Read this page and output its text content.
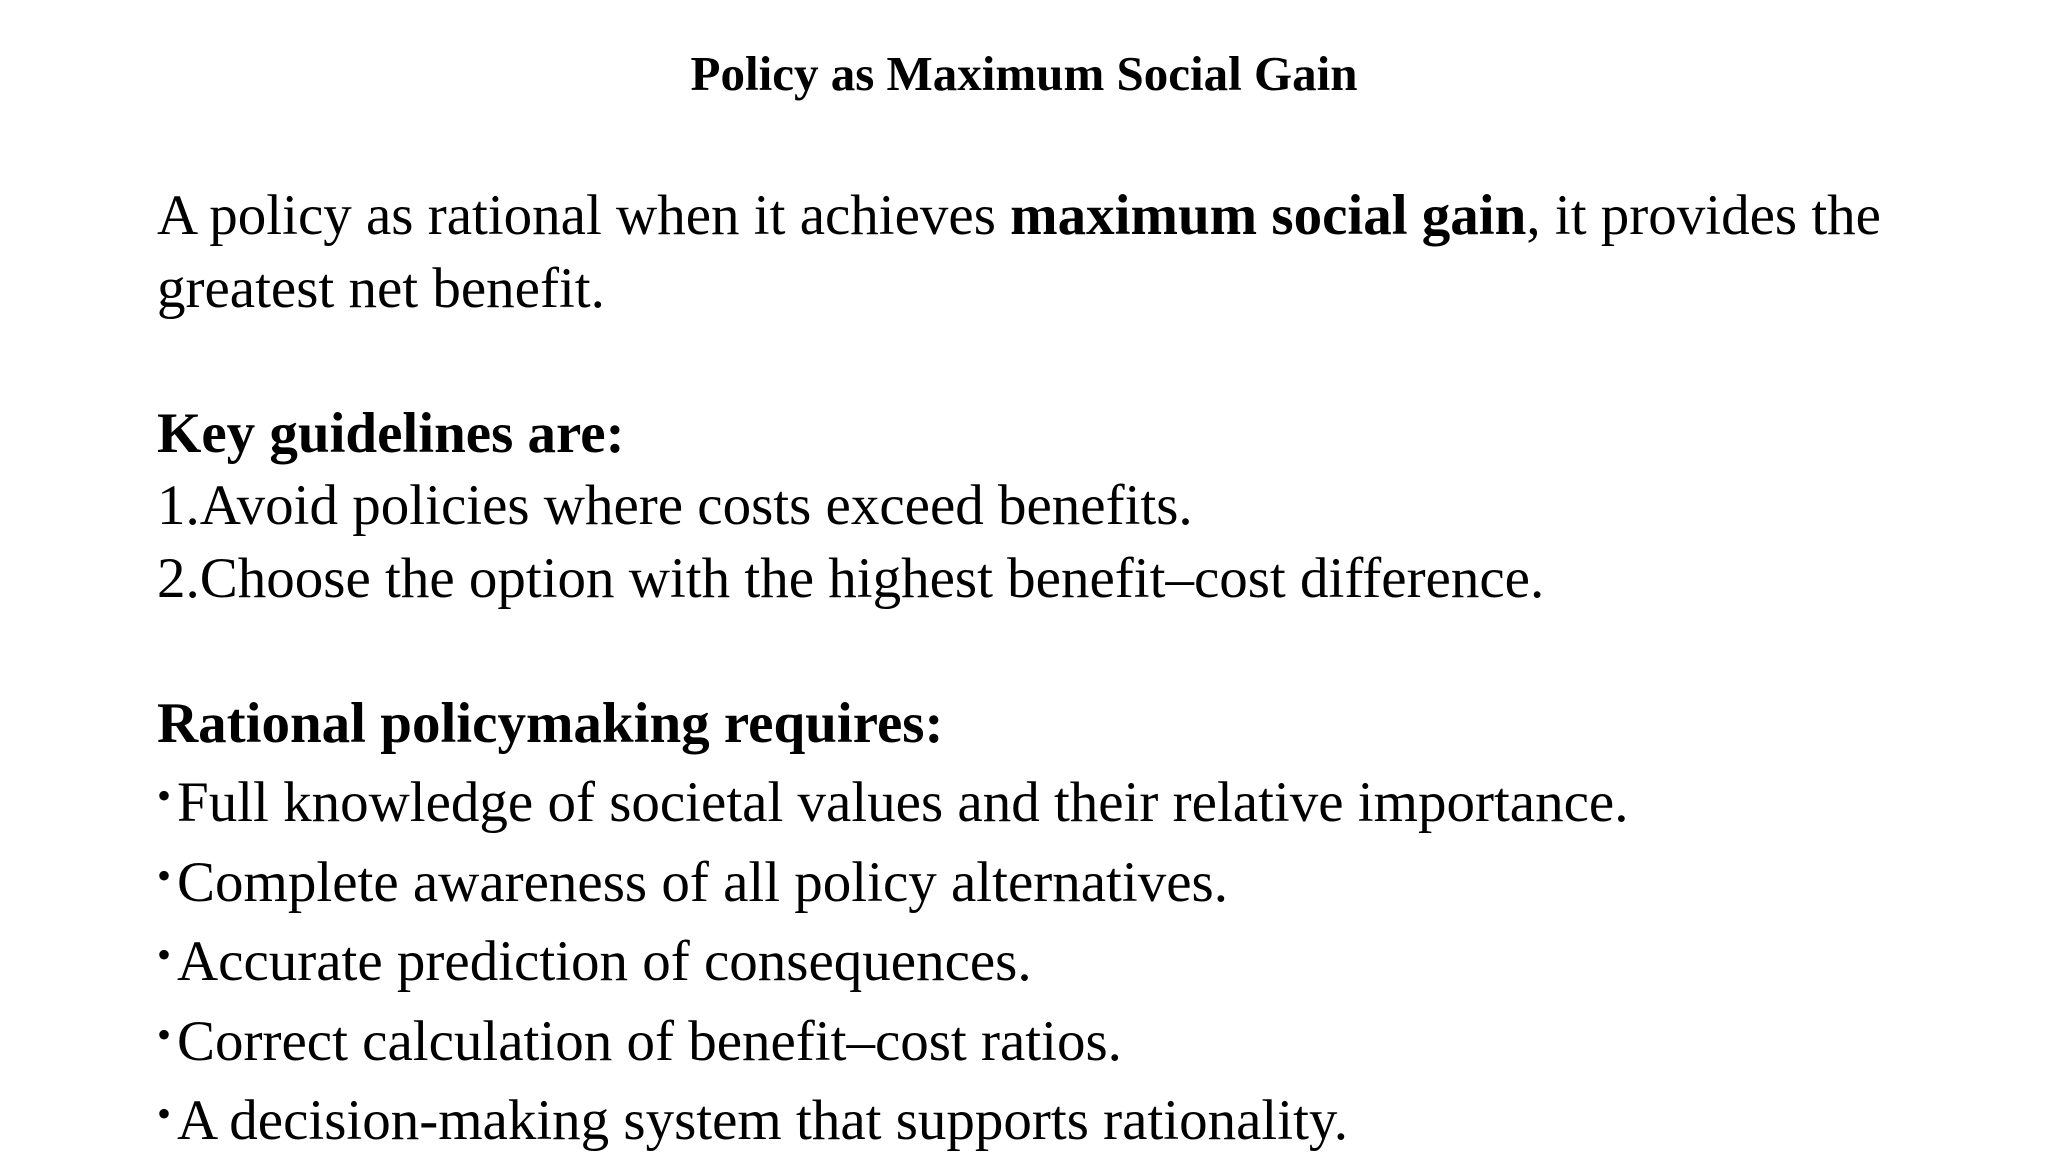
Policy as Maximum Social Gain

A policy as rational when it achieves maximum social gain, it provides the greatest net benefit.

Key guidelines are:
1.Avoid policies where costs exceed benefits.
2.Choose the option with the highest benefit–cost difference.
Rational policymaking requires:
• Full knowledge of societal values and their relative importance.
• Complete awareness of all policy alternatives.
• Accurate prediction of consequences.
• Correct calculation of benefit–cost ratios.
• A decision-making system that supports rationality.
